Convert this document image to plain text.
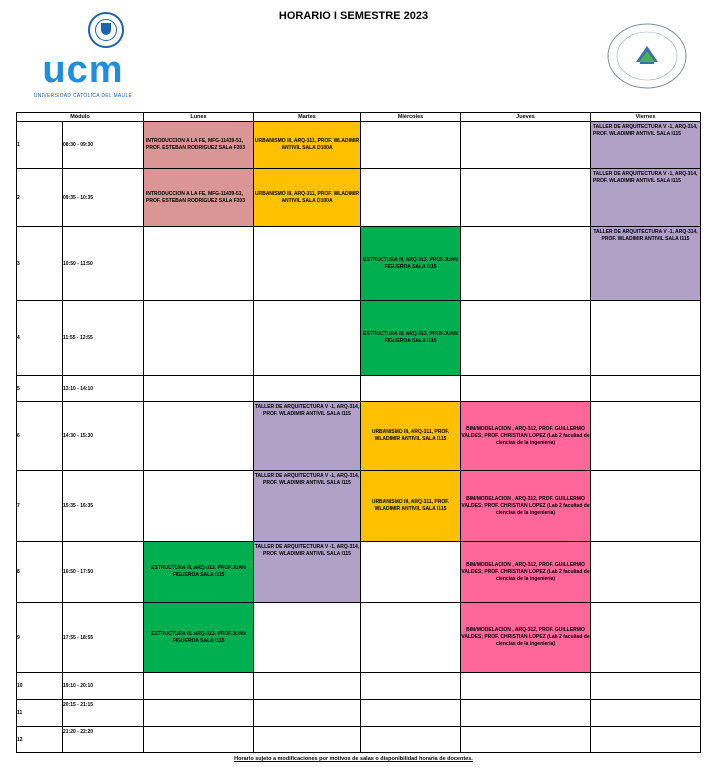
HORARIO I SEMESTRE 2023
ucm
UNIVERSIDAD CATOLICA DEL MAULE
Módulo		Lunes	Martes	Miércoles	Jueves	Viernes
1	08:30 - 09:30	INTRODUCCION A LA FE, MFG-11439-51, PROF. ESTEBAN RODRIGUEZ SALA F203	URBANISMO III, ARQ-311, PROF. WLADIMIR ANTIVIL SALA D100A			TALLER DE ARQUITECTURA V -1, ARQ-314, PROF. WLADIMIR ANTIVIL SALA I115
2	09:35 - 10:35	INTRODUCCION A LA FE, MFG-11439-51, PROF. ESTEBAN RODRIGUEZ SALA F203	URBANISMO III, ARQ-311, PROF. WLADIMIR ANTIVIL SALA D100A			TALLER DE ARQUITECTURA V -1, ARQ-314, PROF. WLADIMIR ANTIVIL SALA I115
3	10:50 - 11:50			ESTRUCTURA III, ARQ-313, PROF.JUAN FIGUEROA SALA I115		TALLER DE ARQUITECTURA V -1, ARQ-314, PROF. WLADIMIR ANTIVIL SALA I115
4	11:55 - 12:55			ESTRUCTURA III, ARQ-313, PROF.JUAN FIGUEROA SALA I115		
5	13:10 - 14:10					
6	14:30 - 15:30		TALLER DE ARQUITECTURA V -1, ARQ-314, PROF. WLADIMIR ANTIVIL SALA I115	URBANISMO III, ARQ-311, PROF. WLADIMIR ANTIVIL SALA I115	BIM/MODELACION , ARQ-312, PROF. GUILLERMO VALDES; PROF. CHRISTIAN LOPEZ (Lab 2 facultad de ciencias de la ingenieria)	
7	15:35 - 16:35		TALLER DE ARQUITECTURA V -1, ARQ-314, PROF. WLADIMIR ANTIVIL SALA I115	URBANISMO III, ARQ-311, PROF. WLADIMIR ANTIVIL SALA I115	BIM/MODELACION , ARQ-312, PROF. GUILLERMO VALDES; PROF. CHRISTIAN LOPEZ (Lab 2 facultad de ciencias de la ingenieria)	
8	16:50 - 17:50	ESTRUCTURA III, ARQ-313, PROF.JUAN FIGUEROA SALA I115	TALLER DE ARQUITECTURA V -1, ARQ-314, PROF. WLADIMIR ANTIVIL SALA I115		BIM/MODELACION , ARQ-312, PROF. GUILLERMO VALDES; PROF. CHRISTIAN LOPEZ (Lab 2 facultad de ciencias de la ingenieria)	
9	17:55 - 18:55	ESTRUCTURA III, ARQ-313, PROF.JUAN FIGUEROA SALA I115			BIM/MODELACION , ARQ-312, PROF. GUILLERMO VALDES; PROF. CHRISTIAN LOPEZ (Lab 2 facultad de ciencias de la ingenieria)	
10	19:10 - 20:10					
11	20:15 - 21:15					
12	21:20 - 22:20					
Horario sujeto a modificaciones por motivos de salas o disponibilidad horaria de docentes.
